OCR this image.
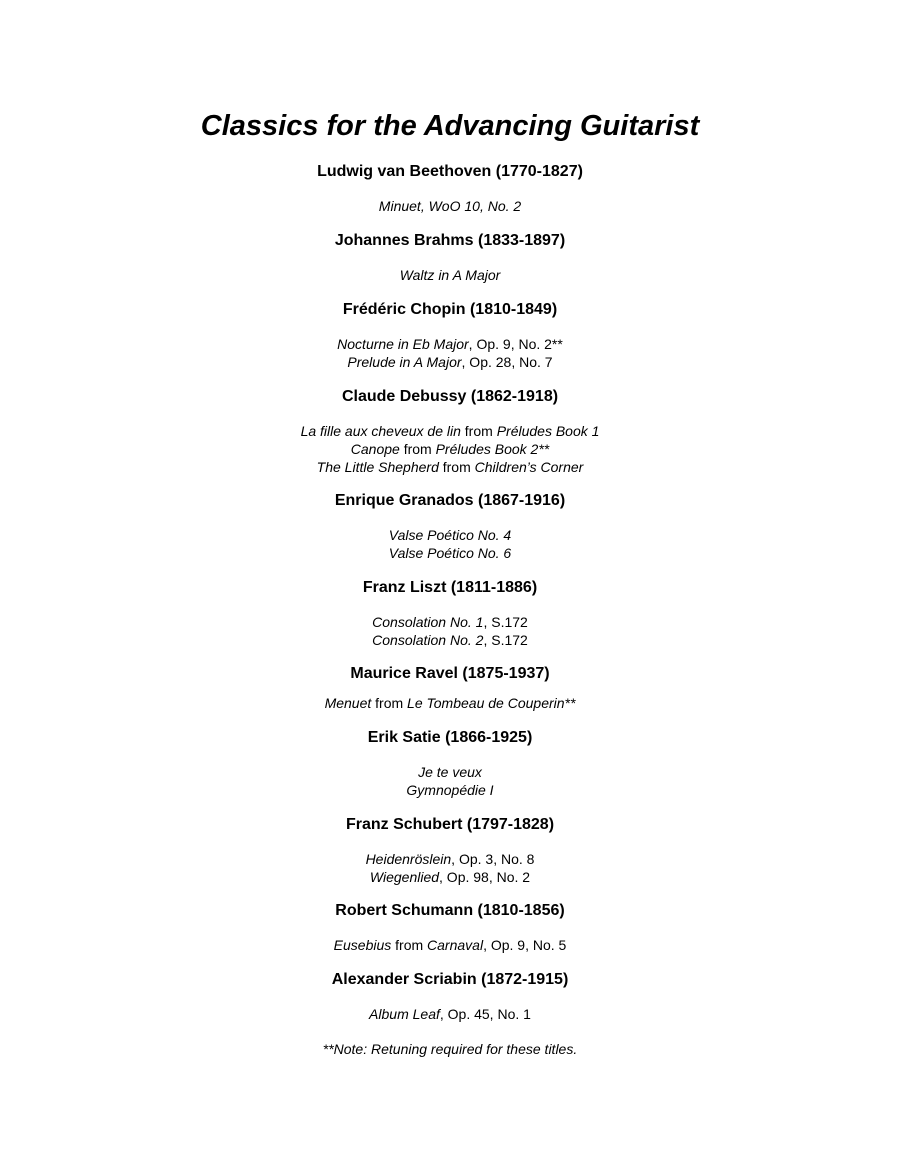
Classics for the Advancing Guitarist
Ludwig van Beethoven (1770-1827)
Minuet, WoO 10, No. 2
Johannes Brahms (1833-1897)
Waltz in A Major
Frédéric Chopin (1810-1849)
Nocturne in Eb Major, Op. 9, No. 2**
Prelude in A Major, Op. 28, No. 7
Claude Debussy (1862-1918)
La fille aux cheveux de lin from Préludes Book 1
Canope from Préludes Book 2**
The Little Shepherd from Children’s Corner
Enrique Granados (1867-1916)
Valse Poético No. 4
Valse Poético No. 6
Franz Liszt (1811-1886)
Consolation No. 1, S.172
Consolation No. 2, S.172
Maurice Ravel (1875-1937)
Menuet from Le Tombeau de Couperin**
Erik Satie (1866-1925)
Je te veux
Gymnopédie I
Franz Schubert (1797-1828)
Heidenröslein, Op. 3, No. 8
Wiegenlied, Op. 98, No. 2
Robert Schumann (1810-1856)
Eusebius from Carnaval, Op. 9, No. 5
Alexander Scriabin (1872-1915)
Album Leaf, Op. 45, No. 1

**Note: Retuning required for these titles.
